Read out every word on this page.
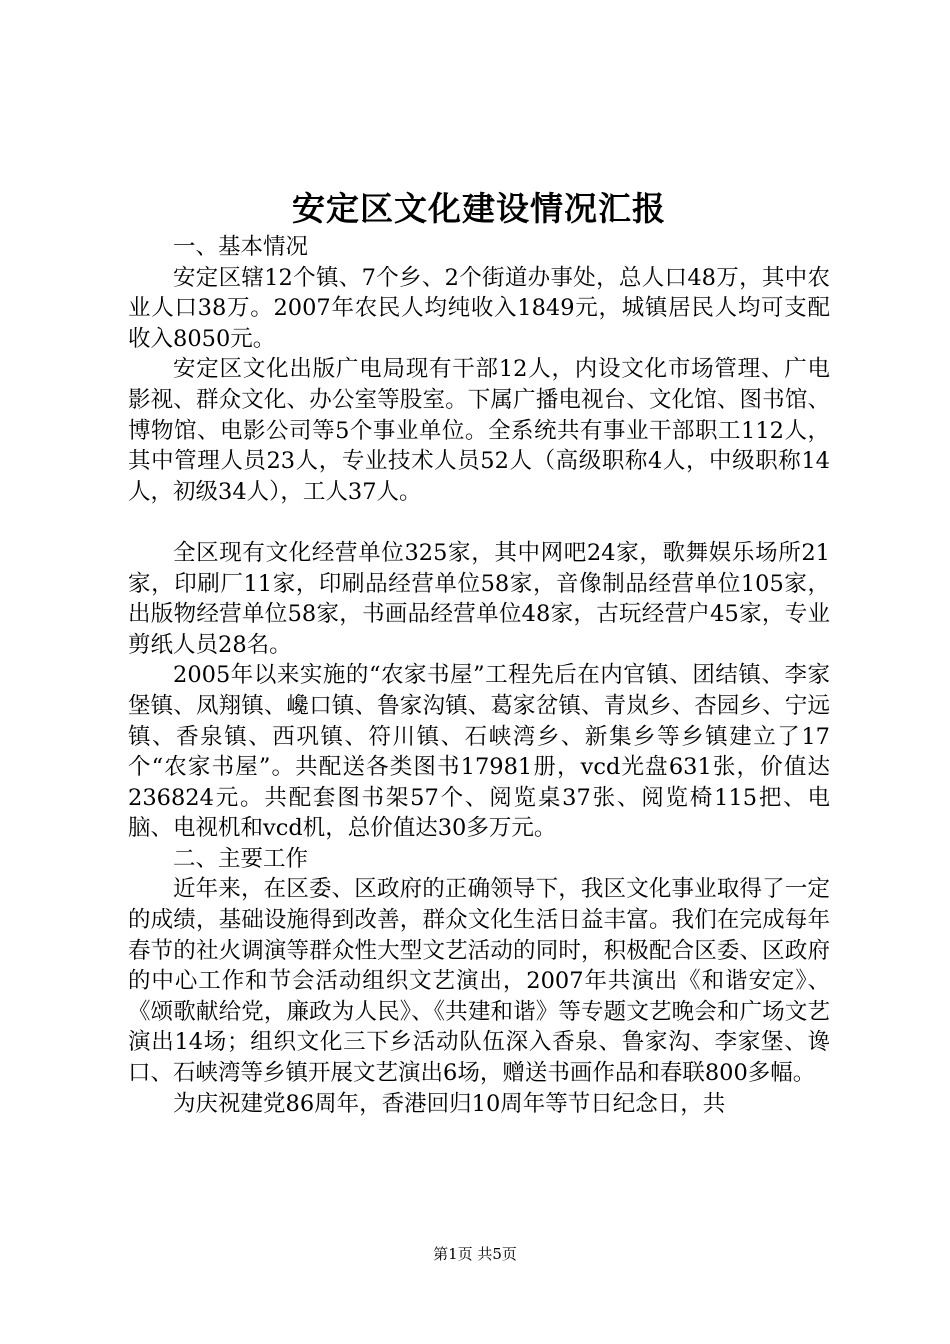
安定区文化建设情况汇报

一、基本情况

安定区辖12个镇、7个乡、2个街道办事处，总人口48万，其中农业人口38万。2007年农民人均纯收入1849元，城镇居民人均可支配收入8050元。

安定区文化出版广电局现有干部12人，内设文化市场管理、广电影视、群众文化、办公室等股室。下属广播电视台、文化馆、图书馆、博物馆、电影公司等5个事业单位。全系统共有事业干部职工112人，其中管理人员23人，专业技术人员52人（高级职称4人，中级职称14人，初级34人），工人37人。

全区现有文化经营单位325家，其中网吧24家，歌舞娱乐场所21家，印刷厂11家，印刷品经营单位58家，音像制品经营单位105家，出版物经营单位58家，书画品经营单位48家，古玩经营户45家，专业剪纸人员28名。

2005年以来实施的“农家书屋”工程先后在内官镇、团结镇、李家堡镇、凤翔镇、巉口镇、鲁家沟镇、葛家岔镇、青岚乡、杏园乡、宁远镇、香泉镇、西巩镇、符川镇、石峡湾乡、新集乡等乡镇建立了17个“农家书屋”。共配送各类图书17981册，vcd光盘631张，价值达236824元。共配套图书架57个、阅览桌37张、阅览椅115把、电脑、电视机和vcd机，总价值达30多万元。

二、主要工作

近年来，在区委、区政府的正确领导下，我区文化事业取得了一定的成绩，基础设施得到改善，群众文化生活日益丰富。我们在完成每年春节的社火调演等群众性大型文艺活动的同时，积极配合区委、区政府的中心工作和节会活动组织文艺演出，2007年共演出《和谐安定》、《颂歌献给党，廉政为人民》、《共建和谐》等专题文艺晚会和广场文艺演出14场；组织文化三下乡活动队伍深入香泉、鲁家沟、李家堡、谗口、石峡湾等乡镇开展文艺演出6场，赠送书画作品和春联800多幅。

为庆祝建党86周年，香港回归10周年等节日纪念日，共

第1页 共5页
